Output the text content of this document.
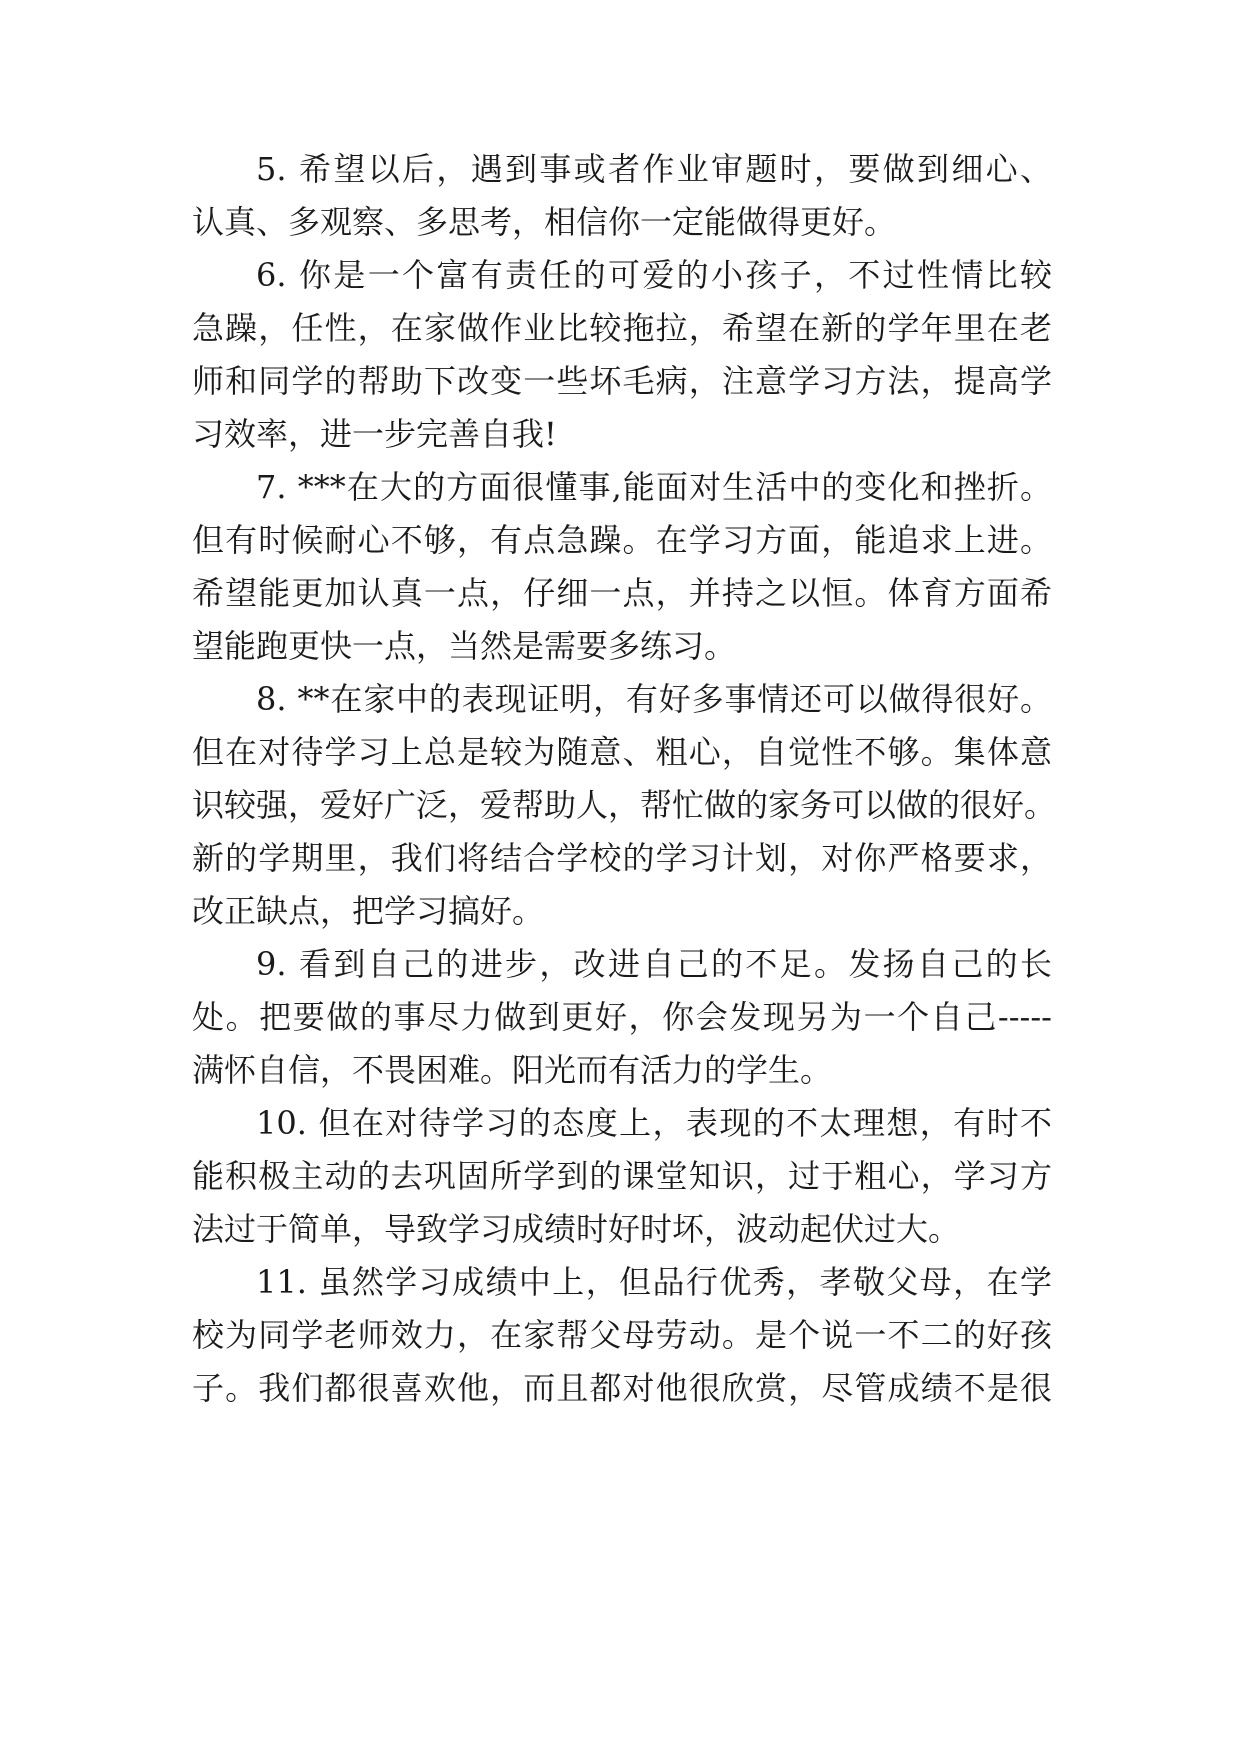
5. 希望以后，遇到事或者作业审题时，要做到细心、

认真、多观察、多思考，相信你一定能做得更好。

6. 你是一个富有责任的可爱的小孩子，不过性情比较

急躁，任性，在家做作业比较拖拉，希望在新的学年里在老

师和同学的帮助下改变一些坏毛病，注意学习方法，提高学

习效率，进一步完善自我!

7. ***在大的方面很懂事,能面对生活中的变化和挫折。

但有时候耐心不够，有点急躁。在学习方面，能追求上进。

希望能更加认真一点，仔细一点，并持之以恒。体育方面希

望能跑更快一点，当然是需要多练习。

8. **在家中的表现证明，有好多事情还可以做得很好。

但在对待学习上总是较为随意、粗心，自觉性不够。集体意

识较强，爱好广泛，爱帮助人，帮忙做的家务可以做的很好。

新的学期里，我们将结合学校的学习计划，对你严格要求，

改正缺点，把学习搞好。

9. 看到自己的进步，改进自己的不足。发扬自己的长

处。把要做的事尽力做到更好，你会发现另为一个自己-----

满怀自信，不畏困难。阳光而有活力的学生。

10. 但在对待学习的态度上，表现的不太理想，有时不

能积极主动的去巩固所学到的课堂知识，过于粗心，学习方

法过于简单，导致学习成绩时好时坏，波动起伏过大。

11. 虽然学习成绩中上，但品行优秀，孝敬父母，在学

校为同学老师效力，在家帮父母劳动。是个说一不二的好孩

子。我们都很喜欢他，而且都对他很欣赏，尽管成绩不是很
